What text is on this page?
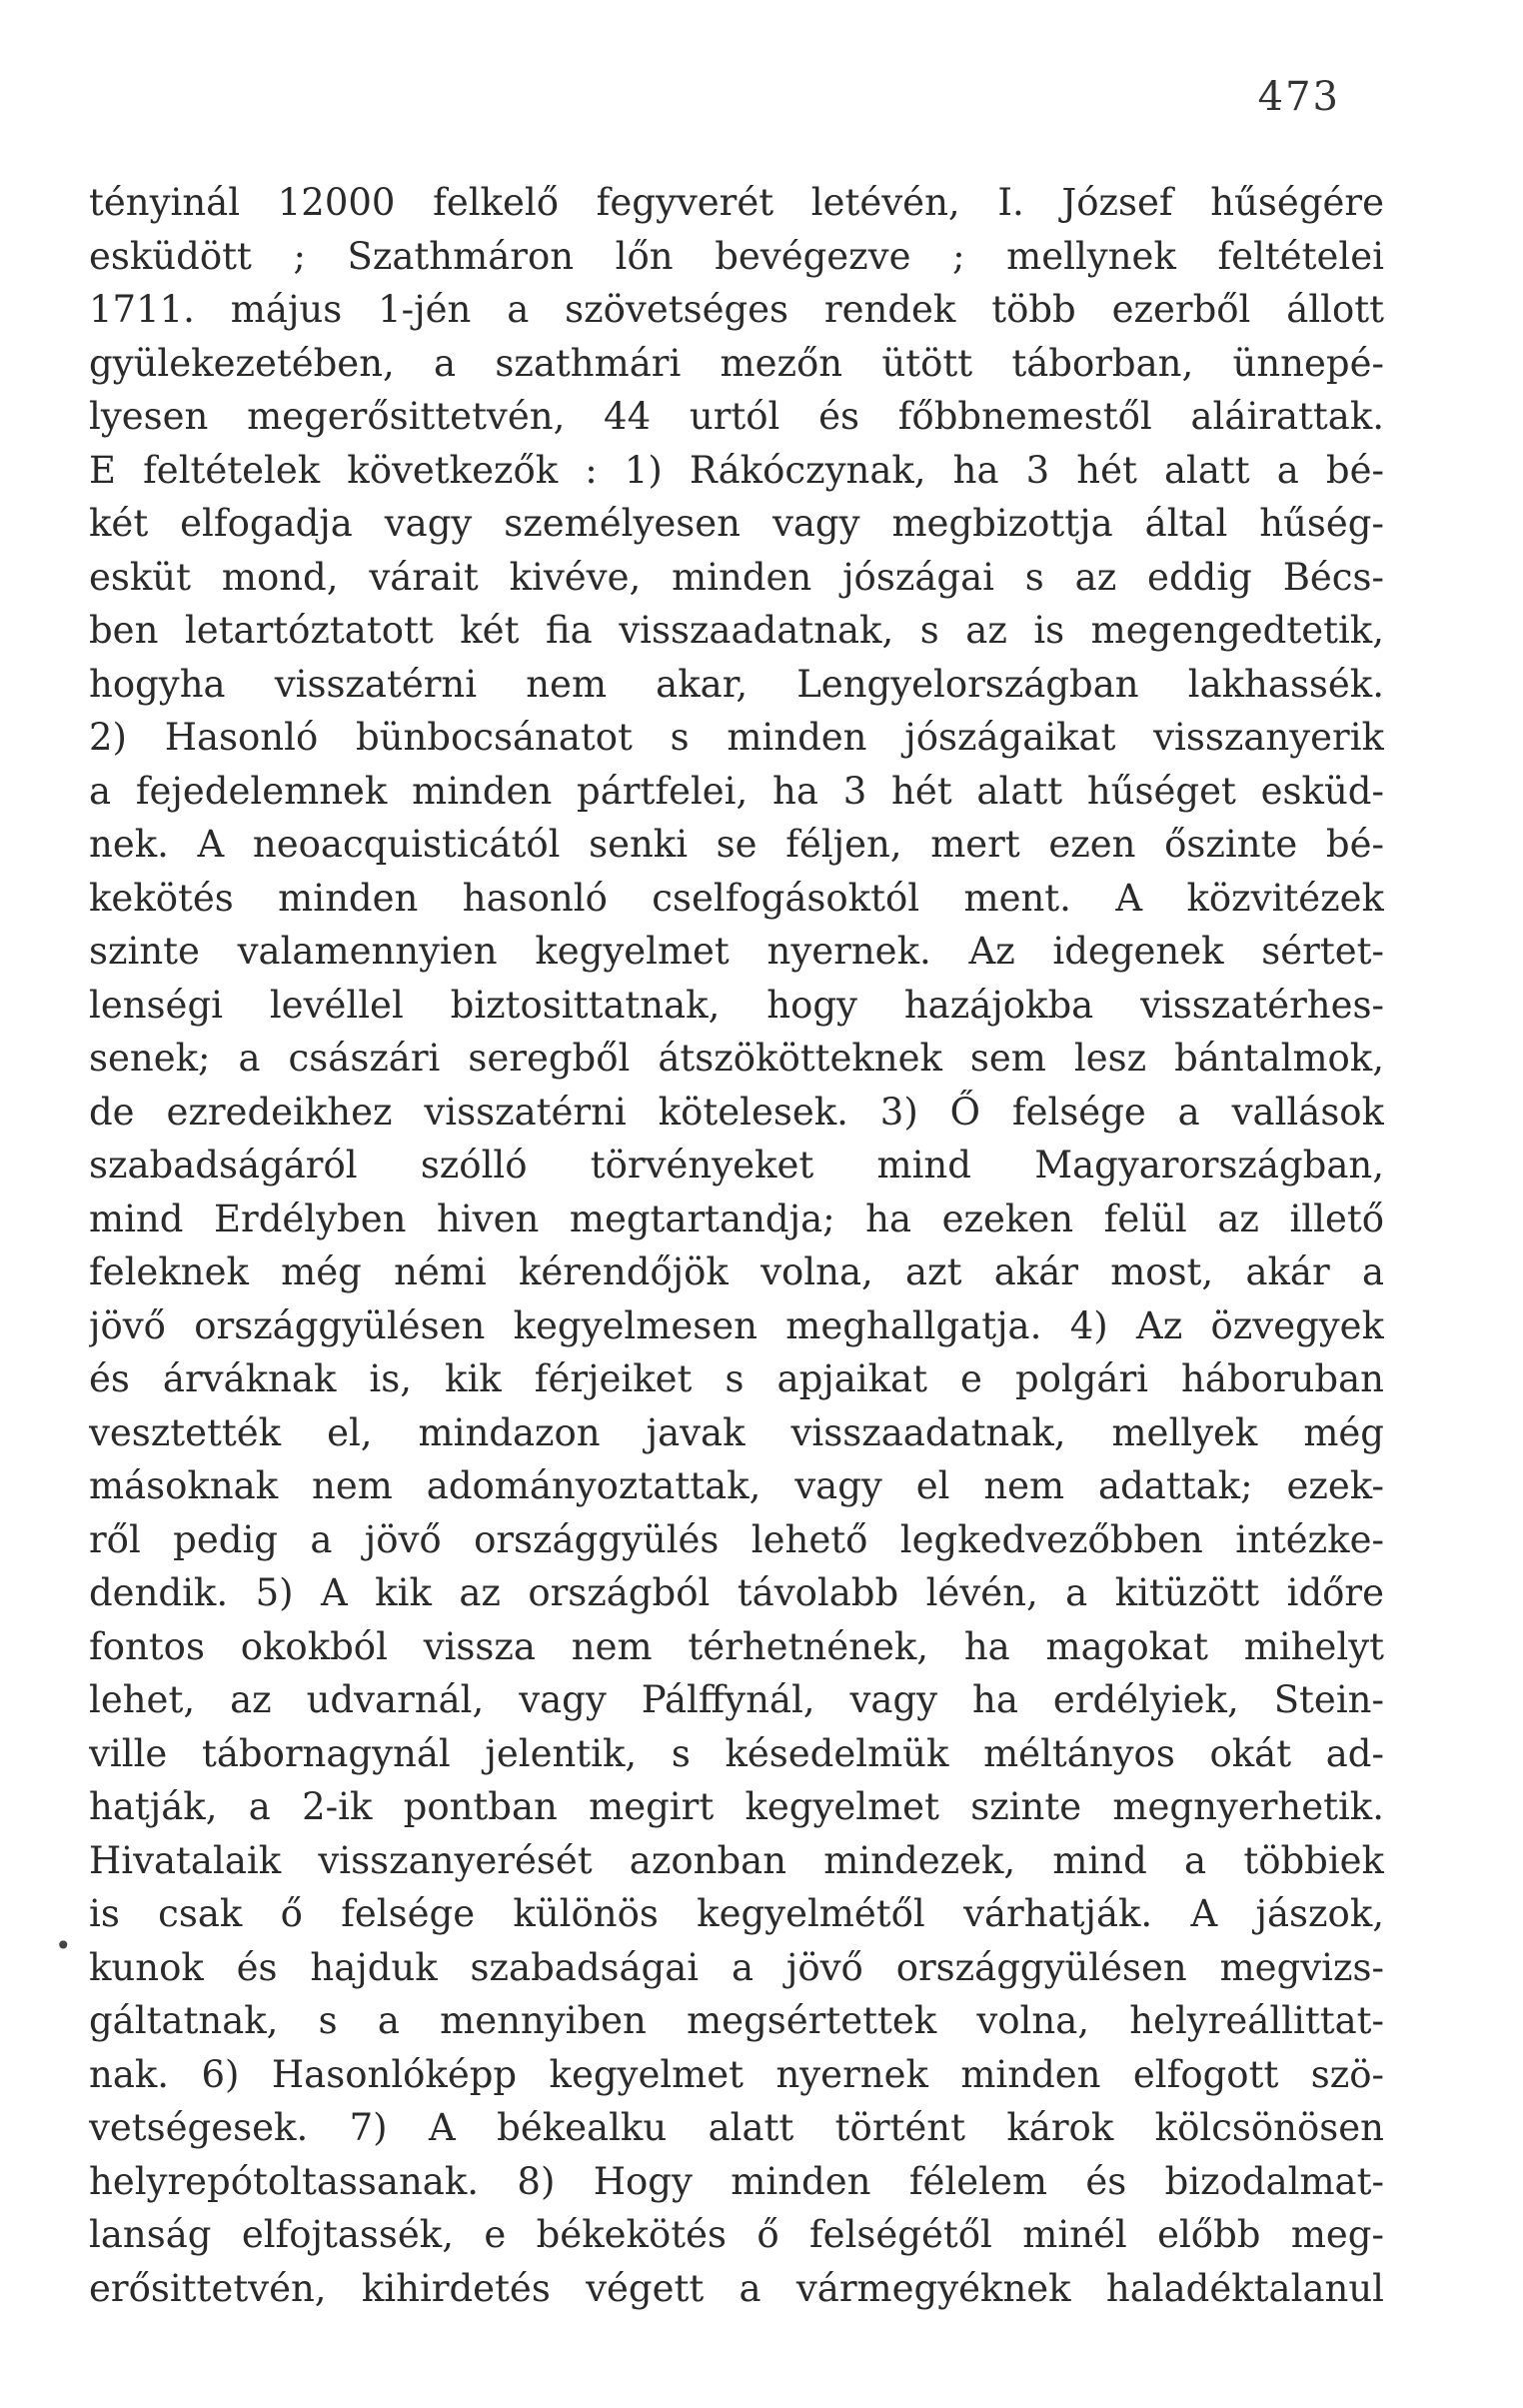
473
•
tényinál 12000 felkelő fegyverét letévén, I. József hűségére
esküdött ; Szathmáron lőn bevégezve ; mellynek feltételei
1711. május 1-jén a szövetséges rendek több ezerből állott
gyülekezetében, a szathmári mezőn ütött táborban, ünnepé-
lyesen megerősittetvén, 44 urtól és főbbnemestől aláirattak.
E feltételek következők : 1) Rákóczynak, ha 3 hét alatt a bé-
két elfogadja vagy személyesen vagy megbizottja által hűség-
esküt mond, várait kivéve, minden jószágai s az eddig Bécs-
ben letartóztatott két fia visszaadatnak, s az is megengedtetik,
hogyha visszatérni nem akar, Lengyelországban lakhassék.
2) Hasonló bünbocsánatot s minden jószágaikat visszanyerik
a fejedelemnek minden pártfelei, ha 3 hét alatt hűséget esküd-
nek. A neoacquisticától senki se féljen, mert ezen őszinte bé-
kekötés minden hasonló cselfogásoktól ment. A közvitézek
szinte valamennyien kegyelmet nyernek. Az idegenek sértet-
lenségi levéllel biztosittatnak, hogy hazájokba visszatérhes-
senek; a császári seregből átszökötteknek sem lesz bántalmok,
de ezredeikhez visszatérni kötelesek. 3) Ő felsége a vallások
szabadságáról szólló törvényeket mind Magyarországban,
mind Erdélyben hiven megtartandja; ha ezeken felül az illető
feleknek még némi kérendőjök volna, azt akár most, akár a
jövő országgyülésen kegyelmesen meghallgatja. 4) Az özvegyek
és árváknak is, kik férjeiket s apjaikat e polgári háboruban
vesztették el, mindazon javak visszaadatnak, mellyek még
másoknak nem adományoztattak, vagy el nem adattak; ezek-
ről pedig a jövő országgyülés lehető legkedvezőbben intézke-
dendik. 5) A kik az országból távolabb lévén, a kitüzött időre
fontos okokból vissza nem térhetnének, ha magokat mihelyt
lehet, az udvarnál, vagy Pálffynál, vagy ha erdélyiek, Stein-
ville tábornagynál jelentik, s késedelmük méltányos okát ad-
hatják, a 2-ik pontban megirt kegyelmet szinte megnyerhetik.
Hivatalaik visszanyerését azonban mindezek, mind a többiek
is csak ő felsége különös kegyelmétől várhatják. A jászok,
kunok és hajduk szabadságai a jövő országgyülésen megvizs-
gáltatnak, s a mennyiben megsértettek volna, helyreállittat-
nak. 6) Hasonlóképp kegyelmet nyernek minden elfogott szö-
vetségesek. 7) A békealku alatt történt károk kölcsönösen
helyrepótoltassanak. 8) Hogy minden félelem és bizodalmat-
lanság elfojtassék, e békekötés ő felségétől minél előbb meg-
erősittetvén, kihirdetés végett a vármegyéknek haladéktalanul
